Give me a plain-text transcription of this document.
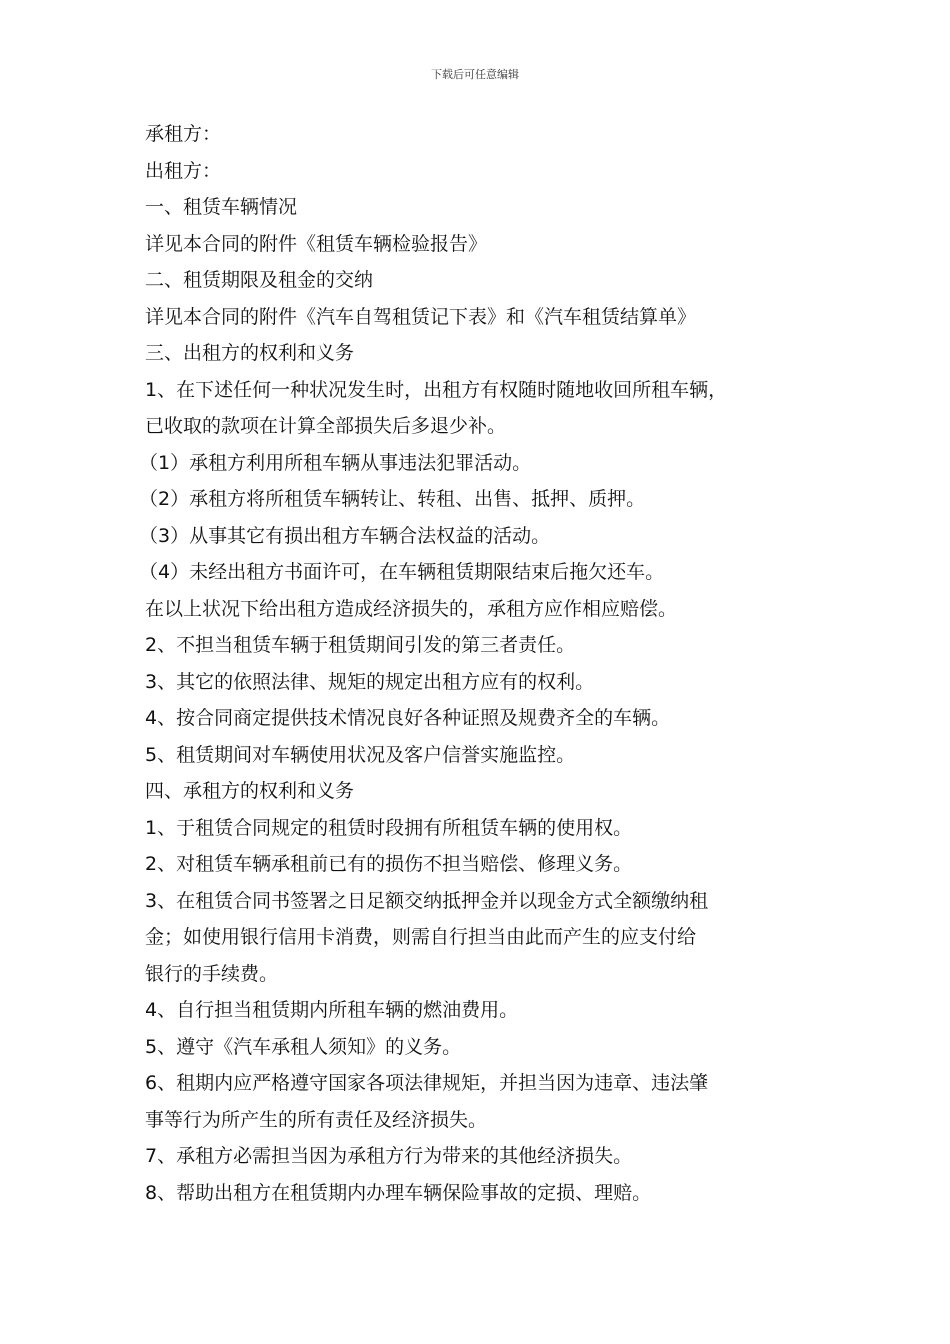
下载后可任意编辑
承租方：
出租方：
一、租赁车辆情况
详见本合同的附件《租赁车辆检验报告》
二、租赁期限及租金的交纳
详见本合同的附件《汽车自驾租赁记下表》和《汽车租赁结算单》
三、出租方的权利和义务
1、在下述任何一种状况发生时，出租方有权随时随地收回所租车辆，
已收取的款项在计算全部损失后多退少补。
（1）承租方利用所租车辆从事违法犯罪活动。
（2）承租方将所租赁车辆转让、转租、出售、抵押、质押。
（3）从事其它有损出租方车辆合法权益的活动。
（4）未经出租方书面许可，在车辆租赁期限结束后拖欠还车。
在以上状况下给出租方造成经济损失的，承租方应作相应赔偿。
2、不担当租赁车辆于租赁期间引发的第三者责任。
3、其它的依照法律、规矩的规定出租方应有的权利。
4、按合同商定提供技术情况良好各种证照及规费齐全的车辆。
5、租赁期间对车辆使用状况及客户信誉实施监控。
四、承租方的权利和义务
1、于租赁合同规定的租赁时段拥有所租赁车辆的使用权。
2、对租赁车辆承租前已有的损伤不担当赔偿、修理义务。
3、在租赁合同书签署之日足额交纳抵押金并以现金方式全额缴纳租
金；如使用银行信用卡消费，则需自行担当由此而产生的应支付给
银行的手续费。
4、自行担当租赁期内所租车辆的燃油费用。
5、遵守《汽车承租人须知》的义务。
6、租期内应严格遵守国家各项法律规矩，并担当因为违章、违法肇
事等行为所产生的所有责任及经济损失。
7、承租方必需担当因为承租方行为带来的其他经济损失。
8、帮助出租方在租赁期内办理车辆保险事故的定损、理赔。
